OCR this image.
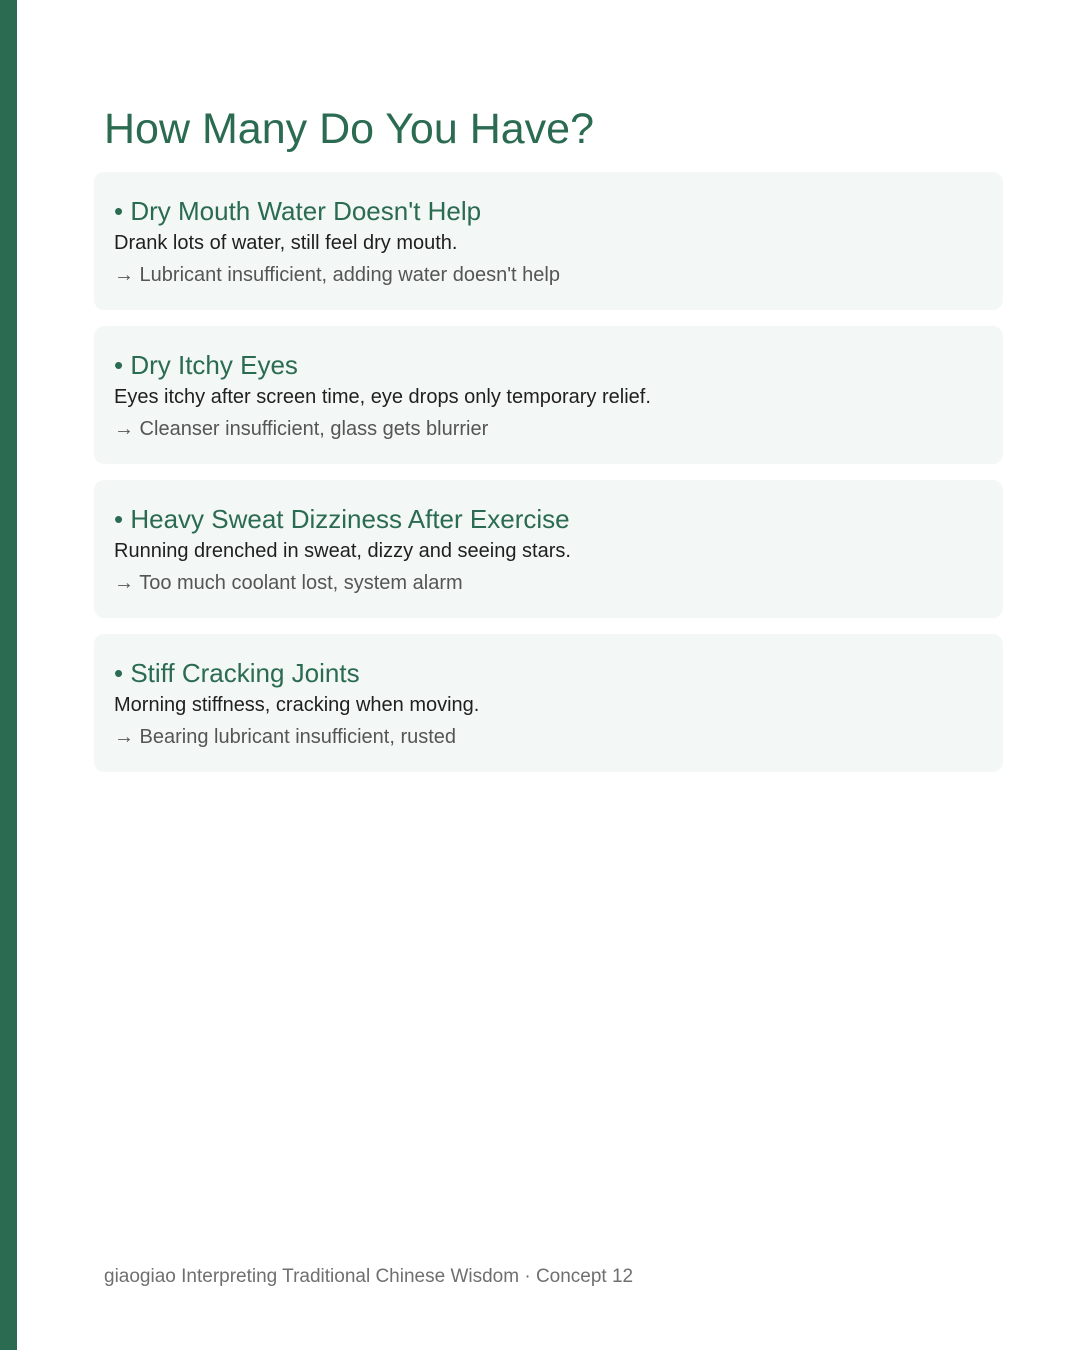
How Many Do You Have?
• Dry Mouth Water Doesn't Help
Drank lots of water, still feel dry mouth.
→ Lubricant insufficient, adding water doesn't help
• Dry Itchy Eyes
Eyes itchy after screen time, eye drops only temporary relief.
→ Cleanser insufficient, glass gets blurrier
• Heavy Sweat Dizziness After Exercise
Running drenched in sweat, dizzy and seeing stars.
→ Too much coolant lost, system alarm
• Stiff Cracking Joints
Morning stiffness, cracking when moving.
→ Bearing lubricant insufficient, rusted
giaogiao Interpreting Traditional Chinese Wisdom · Concept 12
